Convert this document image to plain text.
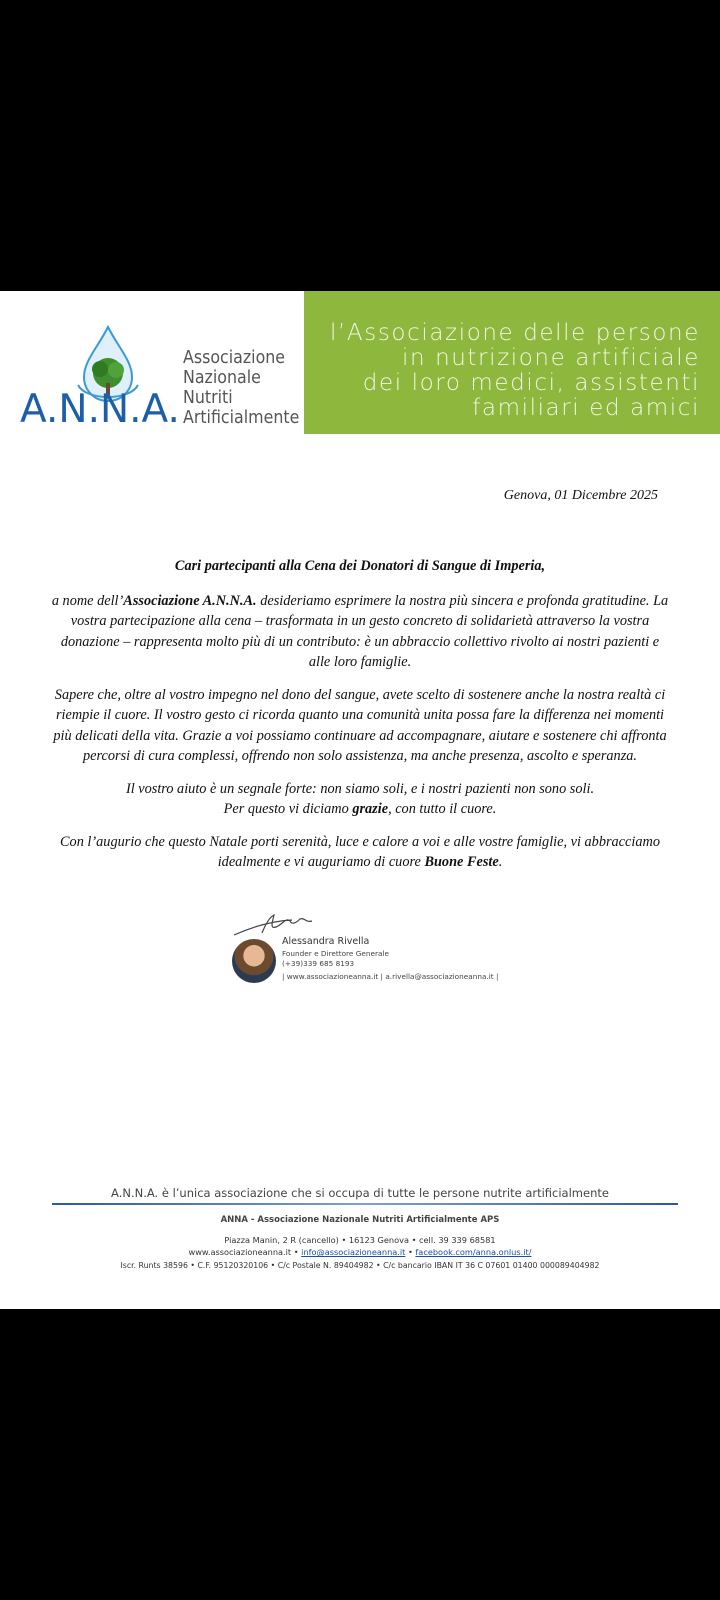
A.N.N.A.
Associazione
Nazionale
Nutriti
Artificialmente
l’Associazione delle persone
in nutrizione artificiale
dei loro medici, assistenti
familiari ed amici
Genova, 01 Dicembre 2025

Cari partecipanti alla Cena dei Donatori di Sangue di Imperia,

a nome dell’Associazione A.N.N.A. desideriamo esprimere la nostra più sincera e profonda gratitudine. La vostra partecipazione alla cena – trasformata in un gesto concreto di solidarietà attraverso la vostra donazione – rappresenta molto più di un contributo: è un abbraccio collettivo rivolto ai nostri pazienti e alle loro famiglie.

Sapere che, oltre al vostro impegno nel dono del sangue, avete scelto di sostenere anche la nostra realtà ci riempie il cuore. Il vostro gesto ci ricorda quanto una comunità unita possa fare la differenza nei momenti più delicati della vita. Grazie a voi possiamo continuare ad accompagnare, aiutare e sostenere chi affronta percorsi di cura complessi, offrendo non solo assistenza, ma anche presenza, ascolto e speranza.

Il vostro aiuto è un segnale forte: non siamo soli, e i nostri pazienti non sono soli.
Per questo vi diciamo grazie, con tutto il cuore.

Con l’augurio che questo Natale porti serenità, luce e calore a voi e alle vostre famiglie, vi abbracciamo idealmente e vi auguriamo di cuore Buone Feste.

Alessandra Rivella
Founder e Direttore Generale
(+39)339 685 8193
| www.associazioneanna.it | a.rivella@associazioneanna.it |
A.N.N.A. è l’unica associazione che si occupa di tutte le persone nutrite artificialmente
ANNA - Associazione Nazionale Nutriti Artificialmente APS
Piazza Manin, 2 R (cancello) • 16123 Genova • cell. 39 339 68581
www.associazioneanna.it • info@associazioneanna.it • facebook.com/anna.onlus.it/
Iscr. Runts 38596 • C.F. 95120320106 • C/c Postale N. 89404982 • C/c bancario IBAN IT 36 C 07601 01400 000089404982
